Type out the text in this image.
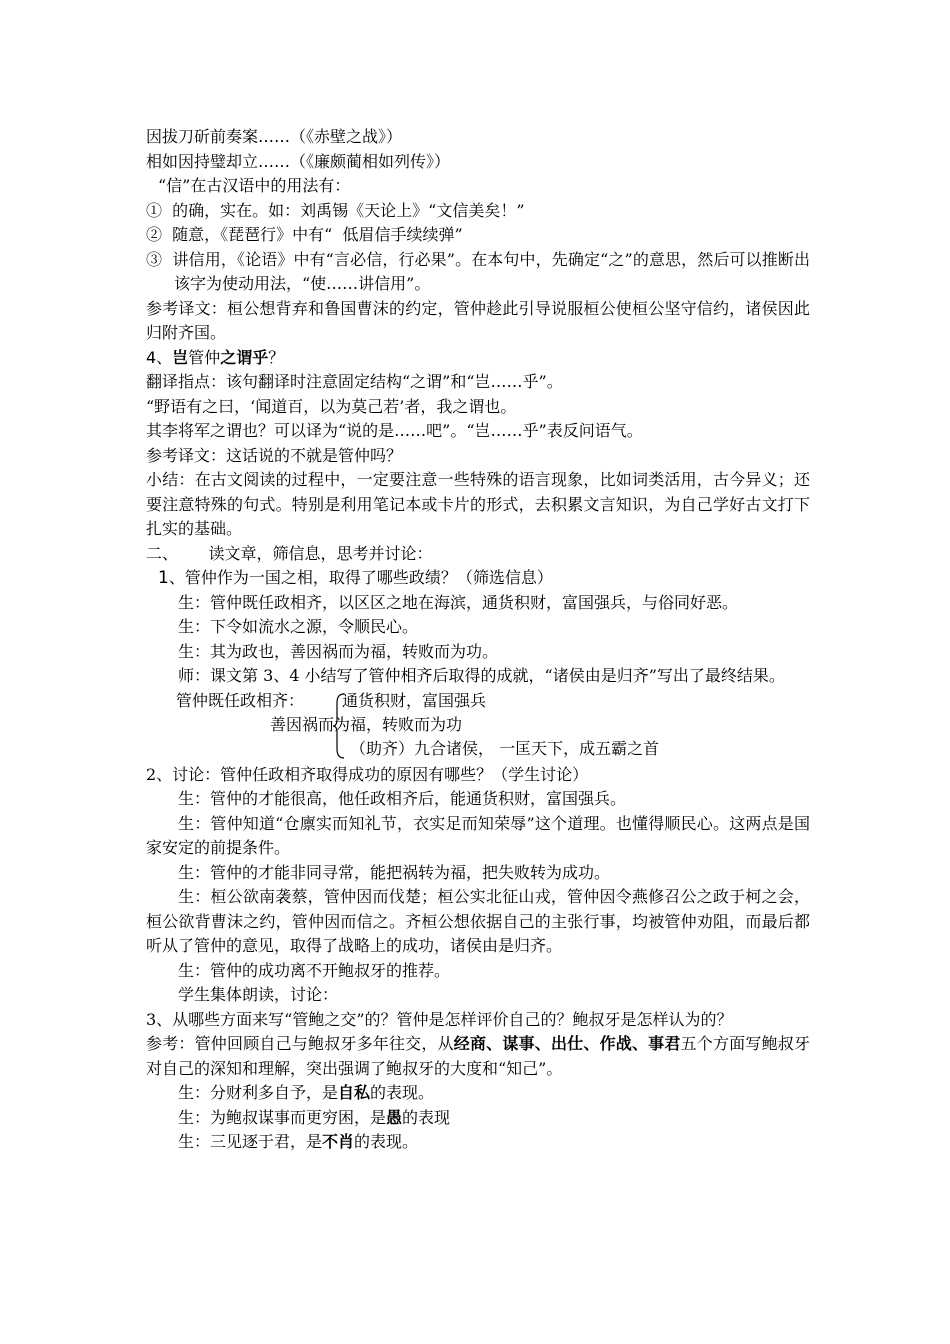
因拔刀斫前奏案……（《赤壁之战》）

相如因持璧却立……（《廉颇蔺相如列传》）

“信”在古汉语中的用法有：

①  的确，实在。如：刘禹锡《天论上》“文信美矣！”

②  随意，《琵琶行》中有“  低眉信手续续弹”

③  讲信用，《论语》中有“言必信，行必果”。在本句中，先确定“之”的意思，然后可以推断出该字为使动用法，“使……讲信用”。

参考译文：桓公想背弃和鲁国曹沫的约定，管仲趁此引导说服桓公使桓公坚守信约，诸侯因此归附齐国。

4、岂管仲之谓乎？

翻译指点：该句翻译时注意固定结构“之谓”和“岂……乎”。

“野语有之曰，‘闻道百，以为莫己若’者，我之谓也。

其李将军之谓也？可以译为“说的是……吧”。“岂……乎”表反问语气。

参考译文：这话说的不就是管仲吗？

小结：在古文阅读的过程中，一定要注意一些特殊的语言现象，比如词类活用，古今异义；还要注意特殊的句式。特别是利用笔记本或卡片的形式，去积累文言知识，为自己学好古文打下扎实的基础。

二、      读文章，筛信息，思考并讨论：

1、管仲作为一国之相，取得了哪些政绩？（筛选信息）

生：管仲既任政相齐，以区区之地在海滨，通货积财，富国强兵，与俗同好恶。

生：下令如流水之源，令顺民心。

生：其为政也，善因祸而为福，转败而为功。

师：课文第 3、4 小结写了管仲相齐后取得的成就，“诸侯由是归齐”写出了最终结果。

管仲既任政相齐： 通货积财，富国强兵
善因祸而为福，转败而为功
（助齐）九合诸侯， 一匡天下，成五霸之首

2、讨论：管仲任政相齐取得成功的原因有哪些？（学生讨论）

生：管仲的才能很高，他任政相齐后，能通货积财，富国强兵。

生：管仲知道“仓廪实而知礼节，衣实足而知荣辱”这个道理。也懂得顺民心。这两点是国家安定的前提条件。

生：管仲的才能非同寻常，能把祸转为福，把失败转为成功。

生：桓公欲南袭蔡，管仲因而伐楚；桓公实北征山戎，管仲因令燕修召公之政于柯之会，桓公欲背曹沫之约，管仲因而信之。齐桓公想依据自己的主张行事，均被管仲劝阻，而最后都听从了管仲的意见，取得了战略上的成功，诸侯由是归齐。

生：管仲的成功离不开鲍叔牙的推荐。

学生集体朗读，讨论：

3、从哪些方面来写“管鲍之交”的？管仲是怎样评价自己的？鲍叔牙是怎样认为的？

参考：管仲回顾自己与鲍叔牙多年往交，从经商、谋事、出仕、作战、事君五个方面写鲍叔牙对自己的深知和理解，突出强调了鲍叔牙的大度和“知己”。

生：分财利多自予，是自私的表现。

生：为鲍叔谋事而更穷困，是愚的表现

生：三见逐于君，是不肖的表现。
